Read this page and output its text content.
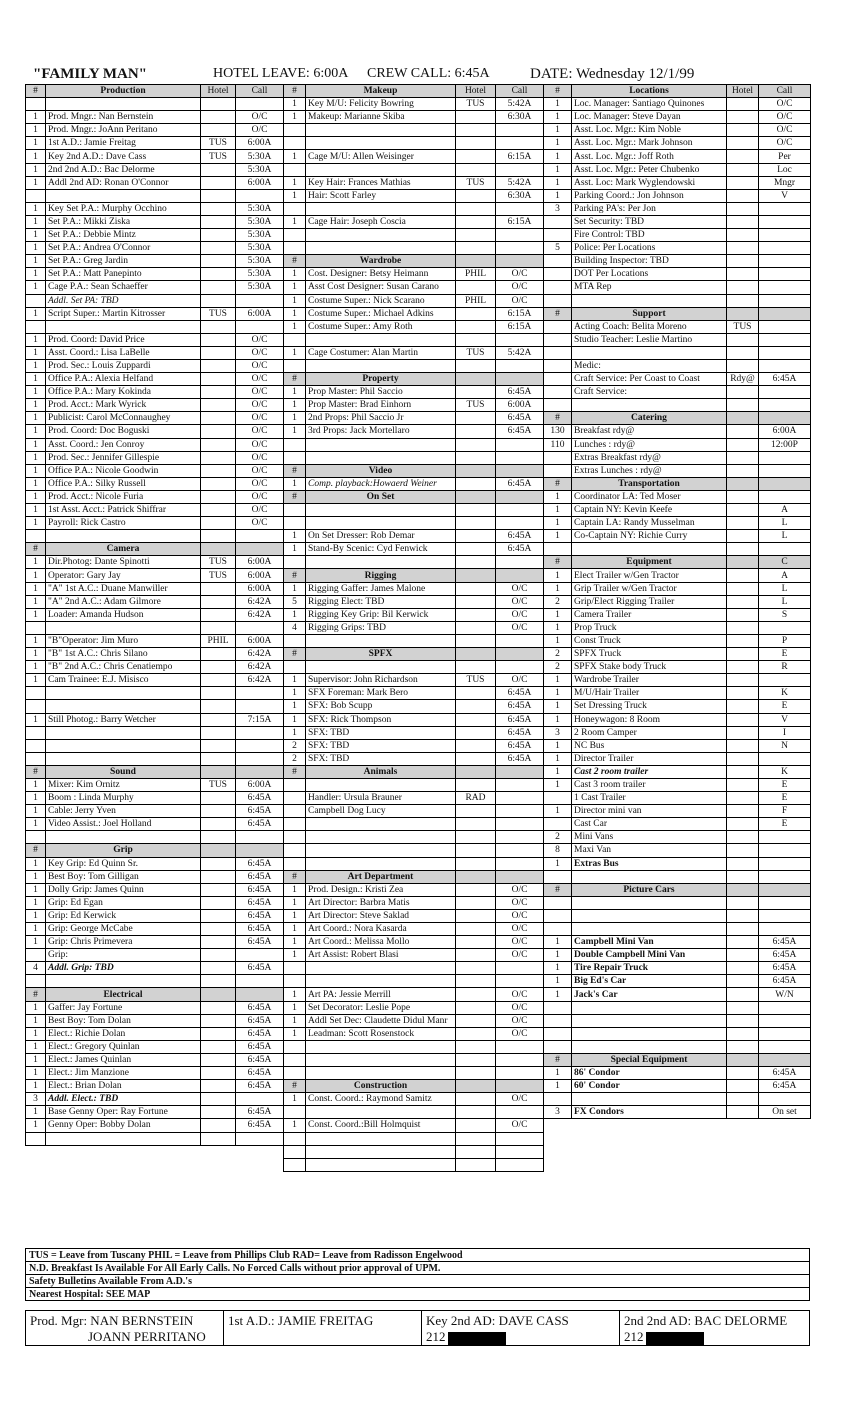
"FAMILY MAN"	HOTEL LEAVE: 6:00A CREW CALL: 6:45A	DATE: Wednesday 12/1/99
#	Production	Hotel	Call

1	Prod. Mngr.: Nan Bernstein		O/C
1	Prod. Mngr.: JoAnn Peritano		O/C
1	1st A.D.: Jamie Freitag	TUS	6:00A
1	Key 2nd A.D.: Dave Cass	TUS	5:30A
1	2nd 2nd A.D.: Bac Delorme		5:30A
1	Addl 2nd AD: Ronan O'Connor		6:00A

1	Key Set P.A.: Murphy Occhino		5:30A
1	Set P.A.: Mikki Ziska		5:30A
1	Set P.A.: Debbie Mintz		5:30A
1	Set P.A.: Andrea O'Connor		5:30A
1	Set P.A.: Greg Jardin		5:30A
1	Set P.A.: Matt Panepinto		5:30A
1	Cage P.A.: Sean Schaeffer		5:30A
	Addl. Set PA: TBD		
1	Script Super.: Martin Kitrosser	TUS	6:00A

1	Prod. Coord: David Price		O/C
1	Asst. Coord.: Lisa LaBelle		O/C
1	Prod. Sec.: Louis Zuppardi		O/C
1	Office P.A.: Alexia Helfand		O/C
1	Office P.A.: Mary Kokinda		O/C
1	Prod. Acct.: Mark Wyrick		O/C
1	Publicist: Carol McConnaughey		O/C
1	Prod. Coord: Doc Boguski		O/C
1	Asst. Coord.: Jen Conroy		O/C
1	Prod. Sec.: Jennifer Gillespie		O/C
1	Office P.A.: Nicole Goodwin		O/C
1	Office P.A.: Silky Russell		O/C
1	Prod. Acct.: Nicole Furia		O/C
1	1st Asst. Acct.: Patrick Shiffrar		O/C
1	Payroll: Rick Castro		O/C

#	Camera		
1	Dir.Photog: Dante Spinotti	TUS	6:00A
1	Operator: Gary Jay	TUS	6:00A
1	"A" 1st A.C.: Duane Manwiller		6:00A
1	"A" 2nd A.C.: Adam Gilmore		6:42A
1	Loader: Amanda Hudson		6:42A

1	"B"Operator: Jim Muro	PHIL	6:00A
1	"B" 1st A.C.: Chris Silano		6:42A
1	"B" 2nd A.C.: Chris Cenatiempo		6:42A
1	Cam Trainee: E.J. Misisco		6:42A

1	Still Photog.: Barry Wetcher		7:15A

#	Sound		
1	Mixer: Kim Ornitz	TUS	6:00A
1	Boom : Linda Murphy		6:45A
1	Cable: Jerry Yven		6:45A
1	Video Assist.: Joel Holland		6:45A

#	Grip		
1	Key Grip: Ed Quinn Sr.		6:45A
1	Best Boy: Tom Gilligan		6:45A
1	Dolly Grip: James Quinn		6:45A
1	Grip: Ed Egan		6:45A
1	Grip: Ed Kerwick		6:45A
1	Grip: George McCabe		6:45A
1	Grip: Chris Primevera		6:45A
	Grip:		
4	Addl. Grip: TBD		6:45A

#	Electrical		
1	Gaffer: Jay Fortune		6:45A
1	Best Boy: Tom Dolan		6:45A
1	Elect.: Richie Dolan		6:45A
1	Elect.: Gregory Quinlan		6:45A
1	Elect.: James Quinlan		6:45A
1	Elect.: Jim Manzione		6:45A
1	Elect.: Brian Dolan		6:45A
3	Addl. Elect.: TBD		
1	Base Genny Oper: Ray Fortune		6:45A
1	Genny Oper: Bobby Dolan		6:45A

#	Makeup	Hotel	Call
1	Key M/U: Felicity Bowring	TUS	5:42A
1	Makeup: Marianne Skiba		6:30A

1	Cage M/U: Allen Weisinger		6:15A

1	Key Hair: Frances Mathias	TUS	5:42A
1	Hair: Scott Farley		6:30A

1	Cage Hair: Joseph Coscia		6:15A

#	Wardrobe		
1	Cost. Designer: Betsy Heimann	PHIL	O/C
1	Asst Cost Designer: Susan Carano		O/C
1	Costume Super.: Nick Scarano	PHIL	O/C
1	Costume Super.: Michael Adkins		6:15A
1	Costume Super.: Amy Roth		6:15A

1	Cage Costumer: Alan Martin	TUS	5:42A

#	Property		
1	Prop Master: Phil Saccio		6:45A
1	Prop Master: Brad Einhorn	TUS	6:00A
1	2nd Props: Phil Saccio Jr		6:45A
1	3rd Props: Jack Mortellaro		6:45A

#	Video		
1	Comp. playback:Howaerd Weiner		6:45A
#	On Set		

1	On Set Dresser: Rob Demar		6:45A
1	Stand-By Scenic: Cyd Fenwick		6:45A

#	Rigging		
1	Rigging Gaffer: James Malone		O/C
5	Rigging Elect: TBD		O/C
1	Rigging Key Grip: Bil Kerwick		O/C
4	Rigging Grips: TBD		O/C

#	SPFX		

1	Supervisor: John Richardson	TUS	O/C
1	SFX Foreman: Mark Bero		6:45A
1	SFX: Bob Scupp		6:45A
1	SFX: Rick Thompson		6:45A
1	SFX: TBD		6:45A
2	SFX: TBD		6:45A
2	SFX: TBD		6:45A
#	Animals		

	Handler: Ursula Brauner	RAD	
	Campbell Dog Lucy		

#	Art Department		
1	Prod. Design.: Kristi Zea		O/C
1	Art Director: Barbra Matis		O/C
1	Art Director: Steve Saklad		O/C
1	Art Coord.: Nora Kasarda		O/C
1	Art Coord.: Melissa Mollo		O/C
1	Art Assist: Robert Blasi		O/C

1	Art PA: Jessie Merrill		O/C
1	Set Decorator: Leslie Pope		O/C
1	Addl Set Dec: Claudette Didul Manr		O/C
1	Leadman: Scott Rosenstock		O/C

#	Construction		
1	Const. Coord.: Raymond Samitz		O/C

1	Const. Coord.:Bill Holmquist		O/C

#	Locations	Hotel	Call
1	Loc. Manager: Santiago Quinones		O/C
1	Loc. Manager: Steve Dayan		O/C
1	Asst. Loc. Mgr.: Kim Noble		O/C
1	Asst. Loc. Mgr.: Mark Johnson		O/C
1	Asst. Loc. Mgr.: Joff Roth		Per
1	Asst. Loc. Mgr.: Peter Chubenko		Loc
1	Asst. Loc: Mark Wyglendowski		Mngr
1	Parking Coord.: Jon Johnson		V
3	Parking PA's: Per Jon		
	Set Security: TBD		
	Fire Control: TBD		
5	Police: Per Locations		
	Building Inspector: TBD		
	DOT Per Locations		
	MTA Rep		

#	Support		
	Acting Coach: Belita Moreno	TUS	
	Studio Teacher: Leslie Martino		

	Medic:		
	Craft Service: Per Coast to Coast	Rdy@	6:45A
	Craft Service:		

#	Catering		
130	Breakfast rdy@		6:00A
110	Lunches : rdy@		12:00P
	Extras Breakfast rdy@		
	Extras Lunches : rdy@		
#	Transportation		
1	Coordinator LA: Ted Moser		
1	Captain NY: Kevin Keefe		A
1	Captain LA: Randy Musselman		L
1	Co-Captain NY: Richie Curry		L

#	Equipment		C
1	Elect Trailer w/Gen Tractor		A
1	Grip Trailer w/Gen Tractor		L
2	Grip/Elect Rigging Trailer		L
1	Camera Trailer		S
1	Prop Truck		
1	Const Truck		P
2	SPFX Truck		E
2	SPFX Stake body Truck		R
1	Wardrobe Trailer		
1	M/U/Hair Trailer		K
1	Set Dressing Truck		E
1	Honeywagon: 8 Room		V
3	2 Room Camper		I
1	NC Bus		N
1	Director Trailer		
1	Cast 2 room trailer		K
1	Cast 3 room trailer		E
	1 Cast Trailer		E
1	Director mini van		F
	Cast Car		E
2	Mini Vans		
8	Maxi Van		
1	Extras Bus		

#	Picture Cars		

1	Campbell Mini Van		6:45A
1	Double Campbell Mini Van		6:45A
1	Tire Repair Truck		6:45A
1	Big Ed's Car		6:45A
1	Jack's Car		W/N

#	Special Equipment		
1	86' Condor		6:45A
1	60' Condor		6:45A

3	FX Condors		On set
TUS = Leave from Tuscany PHIL = Leave from Phillips Club RAD= Leave from Radisson Engelwood
N.D. Breakfast Is Available For All Early Calls. No Forced Calls without prior approval of UPM.
Safety Bulletins Available From A.D.'s
Nearest Hospital: SEE MAP
Prod. Mgr: NAN BERNSTEIN
JOANN PERRITANO
1st A.D.: JAMIE FREITAG	Key 2nd AD: DAVE CASS
212
2nd 2nd AD: BAC DELORME
212
